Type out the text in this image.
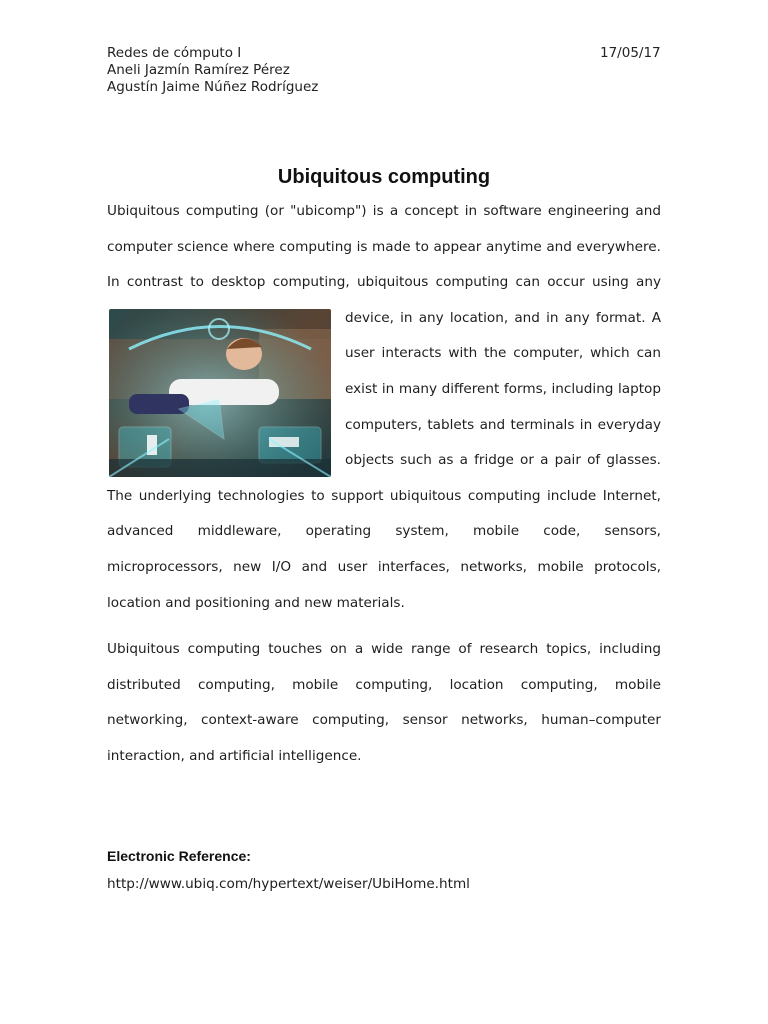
Redes de cómputo I
Aneli Jazmín Ramírez Pérez
Agustín Jaime Núñez Rodríguez
17/05/17
Ubiquitous computing
Ubiquitous computing (or "ubicomp") is a concept in software engineering and computer science where computing is made to appear anytime and everywhere. In contrast to desktop computing, ubiquitous computing can occur using any device,
in any location, and in any format. A user interacts with the computer, which can exist in many different forms, including laptop computers, tablets and terminals in everyday objects such as a fridge or a pair of glasses. The underlying technologies to support ubiquitous computing include Internet, advanced middleware, operating system, mobile code, sensors, microprocessors, new I/O and user interfaces, networks, mobile protocols, location and positioning and new materials.

Ubiquitous computing touches on a wide range of research topics, including distributed computing, mobile computing, location computing, mobile networking, context-aware computing, sensor networks, human–computer interaction, and artificial intelligence.

Electronic Reference:
http://www.ubiq.com/hypertext/weiser/UbiHome.html
